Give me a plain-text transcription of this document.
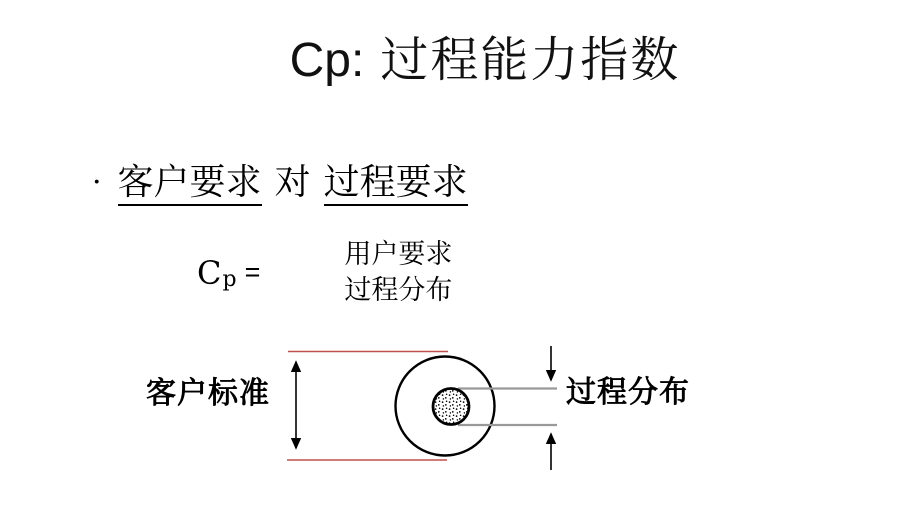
Cp: 过程能力指数
· 客户要求 对 过程要求
C p =
用户要求
过程分布
客户标准	过程分布
